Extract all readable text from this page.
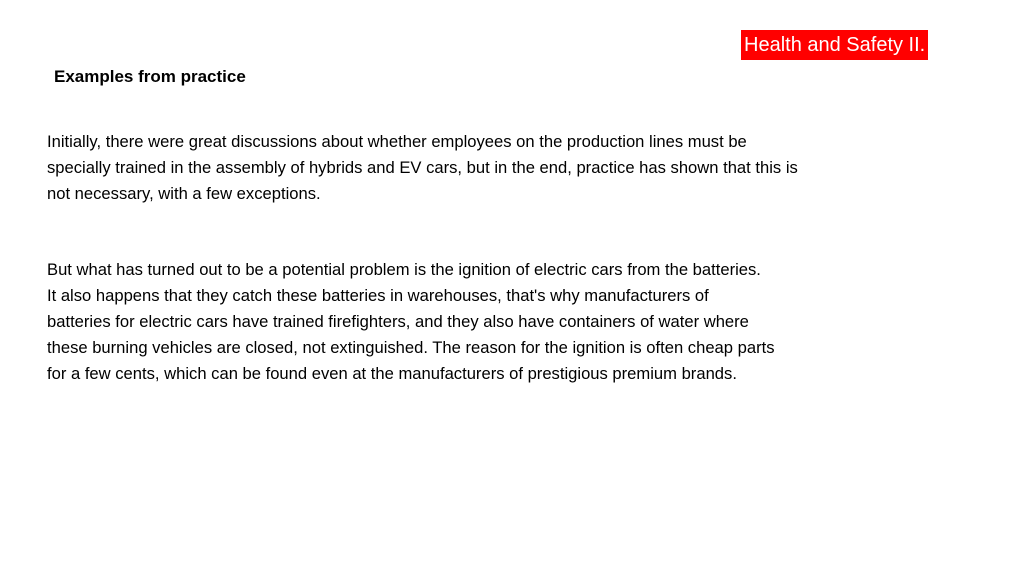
Health and Safety II.
Examples from practice

Initially, there were great discussions about whether employees on the production lines must be
specially trained in the assembly of hybrids and EV cars, but in the end, practice has shown that this is
not necessary, with a few exceptions.

But what has turned out to be a potential problem is the ignition of electric cars from the batteries.
It also happens that they catch these batteries in warehouses, that's why manufacturers of
batteries for electric cars have trained firefighters, and they also have containers of water where
these burning vehicles are closed, not extinguished. The reason for the ignition is often cheap parts
for a few cents, which can be found even at the manufacturers of prestigious premium brands.
